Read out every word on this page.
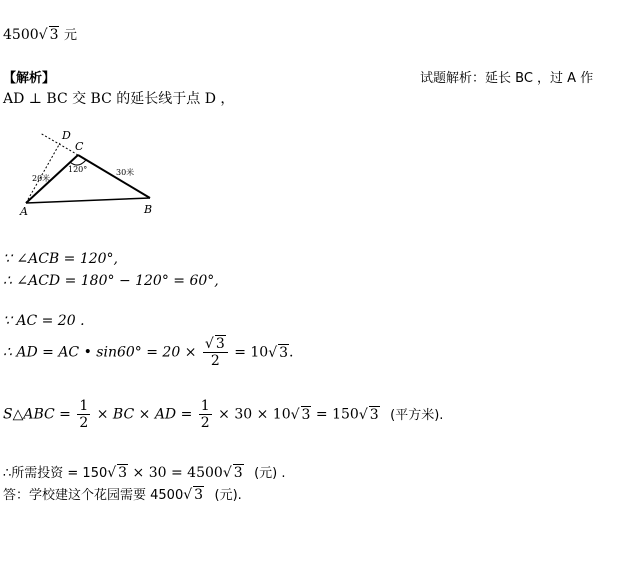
4500√ 3 元
【解析】	试题解析：延长 BC ，过 A 作
AD ⊥ BC 交 BC 的延长线于点 D ，
D
C
A	B
120°
20米
30米
∵ ∠ACB = 120°,
∴ ∠ACD = 180° − 120° = 60°,
∵ AC = 20 .
∴ AD = AC • $\sin 60^\circ = 20 \times \frac{√ 3}{2} = 10√$ 3.
S△ABC = $\frac{1}{2}$ × BC × AD = $\frac{1}{2} \times 30 \times 10√$ 3 = 150√ 3 (平方米).
∴所需投资 = 150√ 3 × 30 = 4500√ 3 (元) .
答：学校建这个花园需要 4500√ 3 (元).
